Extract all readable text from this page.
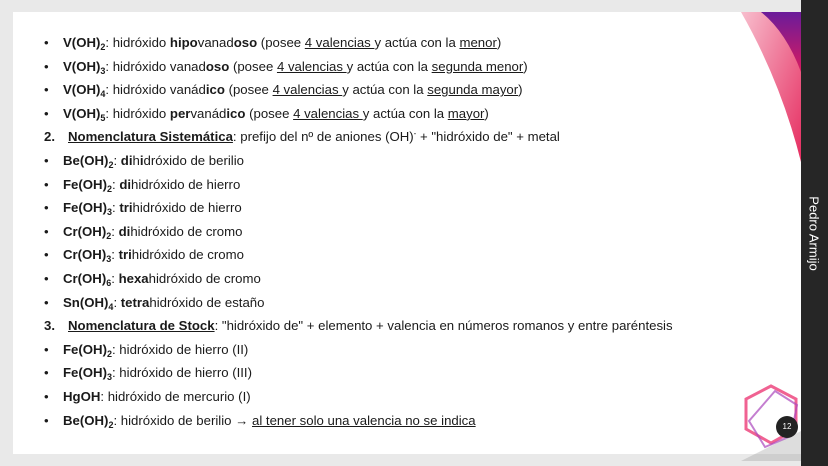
12
Pedro Armijo
• $V(OH)_2$: hidróxido hipovanadoso (posee 4 valencias y actúa con la menor)
• $V(OH)_3$: hidróxido vanadoso (posee 4 valencias y actúa con la segunda menor)
• $V(OH)_4$: hidróxido vanádico (posee 4 valencias y actúa con la segunda mayor)
• $V(OH)_5$: hidróxido pervanádico (posee 4 valencias y actúa con la mayor)
2. Nomenclatura Sistemática: prefijo del nº de aniones (OH)- + "hidróxido de" + metal
• $Be(OH)_2$: dihidróxido de berilio
• $Fe(OH)_2$: dihidróxido de hierro
• $Fe(OH)_3$: trihidróxido de hierro
• $Cr(OH)_2$: dihidróxido de cromo
• $Cr(OH)_3$: trihidróxido de cromo
• $Cr(OH)_6$: hexahidróxido de cromo
• $Sn(OH)_4$: tetrahidróxido de estaño
3. Nomenclatura de Stock: "hidróxido de" + elemento + valencia en números romanos y entre paréntesis
• $Fe(OH)_2$: hidróxido de hierro (II)
• $Fe(OH)_3$: hidróxido de hierro (III)
• HgOH: hidróxido de mercurio (I)
• $Be(OH)_2$: hidróxido de berilio → al tener solo una valencia no se indica
